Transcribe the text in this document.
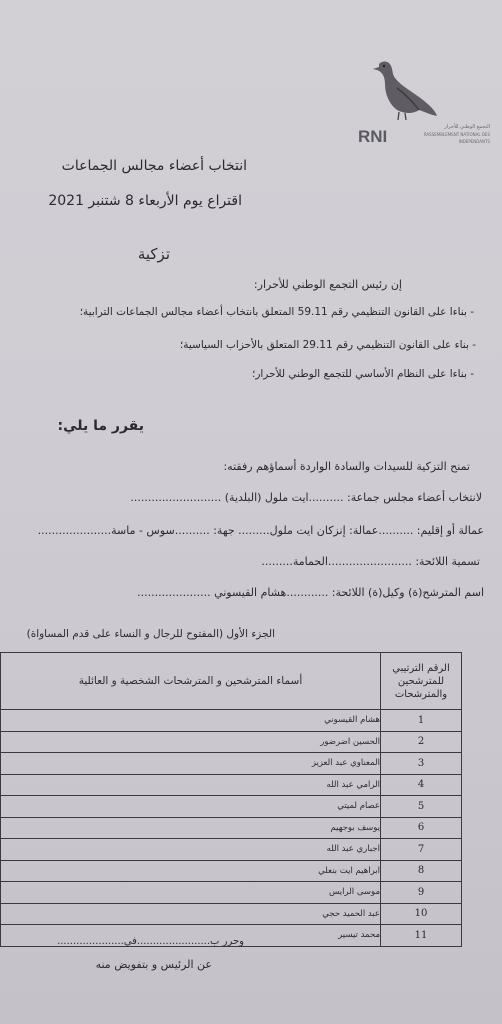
RNI	التجمع الوطني للأحرار
RASSEMBLEMENT NATIONAL DES INDEPENDANTS
انتخاب أعضاء مجالس الجماعات
اقتراع يوم الأربعاء 8 شتنبر 2021
تزكية
إن رئيس التجمع الوطني للأحرار:
- بناءا على القانون التنظيمي رقم 59.11 المتعلق بانتخاب أعضاء مجالس الجماعات الترابية؛
- بناء على القانون التنظيمي رقم 29.11 المتعلق بالأحزاب السياسية؛
- بناءا على النظام الأساسي للتجمع الوطني للأحرار؛
يقرر ما يلي:
تمنح التزكية للسيدات والسادة الواردة أسماؤهم رفقته:
لانتخاب أعضاء مجلس جماعة: ..........ايت ملول (البلدية) ..........................
عمالة أو إقليم: ..........عمالة: إنزكان ايت ملول......... جهة: ..........سوس - ماسة.....................
تسمية اللائحة: ........................الحمامة.........
اسم المترشح(ة) وكيل(ة) اللائحة: ............هشام القيسوني .....................
الجزء الأول (المفتوح للرجال و النساء على قدم المساواة)
الرقم الترتيبي للمترشحين والمترشحات	أسماء المترشحين و المترشحات الشخصية و العائلية
1	هشام القيسوني
2	الحسين اضرضور
3	المعناوي عبد العزيز
4	الرامي عبد الله
5	عصام لميتي
6	يوسف بوجهيم
7	اجباري عبد الله
8	ابراهيم ايت بنعلي
9	موسى الرايس
10	عبد الحميد حجي
11	محمد تيسير
وحرر ب.......................في.....................
عن الرئيس و بتفويض منه
